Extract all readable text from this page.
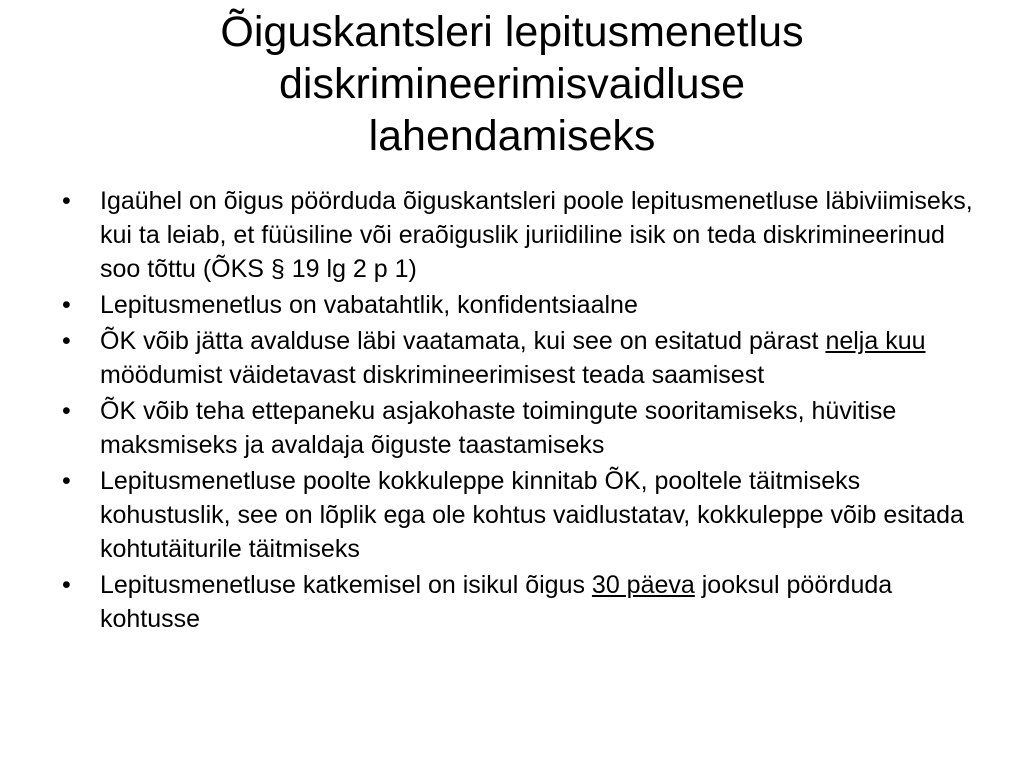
Õiguskantsleri lepitusmenetlus
diskrimineerimisvaidluse
lahendamiseks
• Igaühel on õigus pöörduda õiguskantsleri poole lepitusmenetluse läbiviimiseks, kui ta leiab, et füüsiline või eraõiguslik juriidiline isik on teda diskrimineerinud soo tõttu (ÕKS § 19 lg 2 p 1)
• Lepitusmenetlus on vabatahtlik, konfidentsiaalne
• ÕK võib jätta avalduse läbi vaatamata, kui see on esitatud pärast nelja kuu möödumist väidetavast diskrimineerimisest teada saamisest
• ÕK võib teha ettepaneku asjakohaste toimingute sooritamiseks, hüvitise maksmiseks ja avaldaja õiguste taastamiseks
• Lepitusmenetluse poolte kokkuleppe kinnitab ÕK, pooltele täitmiseks kohustuslik, see on lõplik ega ole kohtus vaidlustatav, kokkuleppe võib esitada kohtutäiturile täitmiseks
• Lepitusmenetluse katkemisel on isikul õigus 30 päeva jooksul pöörduda kohtusse
